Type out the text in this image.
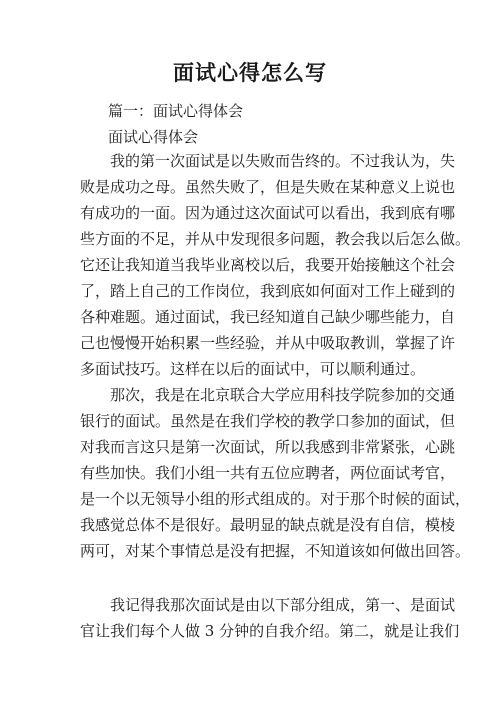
面试心得怎么写
篇一：面试心得体会
面试心得体会
　　我的第一次面试是以失败而告终的。不过我认为，失
败是成功之母。虽然失败了，但是失败在某种意义上说也
有成功的一面。因为通过这次面试可以看出，我到底有哪
些方面的不足，并从中发现很多问题，教会我以后怎么做。
它还让我知道当我毕业离校以后，我要开始接触这个社会
了，踏上自己的工作岗位，我到底如何面对工作上碰到的
各种难题。通过面试，我已经知道自己缺少哪些能力，自
己也慢慢开始积累一些经验，并从中吸取教训，掌握了许
多面试技巧。这样在以后的面试中，可以顺利通过。
　　那次，我是在北京联合大学应用科技学院参加的交通
银行的面试。虽然是在我们学校的教学口参加的面试，但
对我而言这只是第一次面试，所以我感到非常紧张，心跳
有些加快。我们小组一共有五位应聘者，两位面试考官，
是一个以无领导小组的形式组成的。对于那个时候的面试，
我感觉总体不是很好。最明显的缺点就是没有自信，模棱
两可，对某个事情总是没有把握，不知道该如何做出回答。
　　我记得我那次面试是由以下部分组成，第一、是面试
官让我们每个人做 3 分钟的自我介绍。第二，就是让我们
